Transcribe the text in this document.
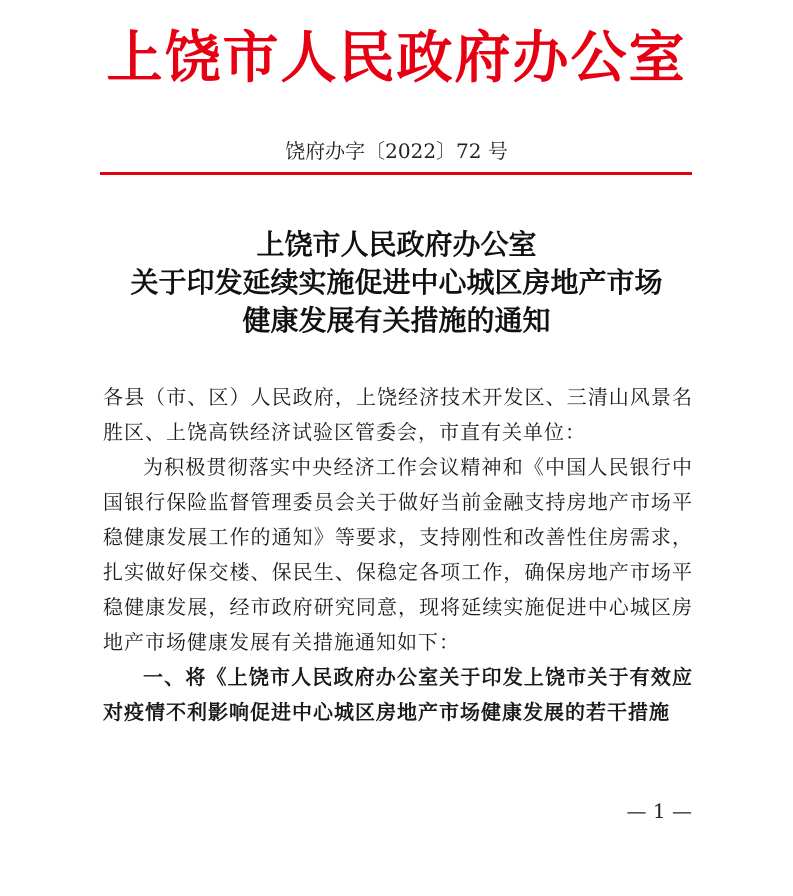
上饶市人民政府办公室
饶府办字〔2022〕72 号
上饶市人民政府办公室
关于印发延续实施促进中心城区房地产市场
健康发展有关措施的通知

各县（市、区）人民政府，上饶经济技术开发区、三清山风景名胜区、上饶高铁经济试验区管委会，市直有关单位：

为积极贯彻落实中央经济工作会议精神和《中国人民银行中国银行保险监督管理委员会关于做好当前金融支持房地产市场平稳健康发展工作的通知》等要求，支持刚性和改善性住房需求，扎实做好保交楼、保民生、保稳定各项工作，确保房地产市场平稳健康发展，经市政府研究同意，现将延续实施促进中心城区房地产市场健康发展有关措施通知如下：

一、将《上饶市人民政府办公室关于印发上饶市关于有效应对疫情不利影响促进中心城区房地产市场健康发展的若干措施

— 1 —
